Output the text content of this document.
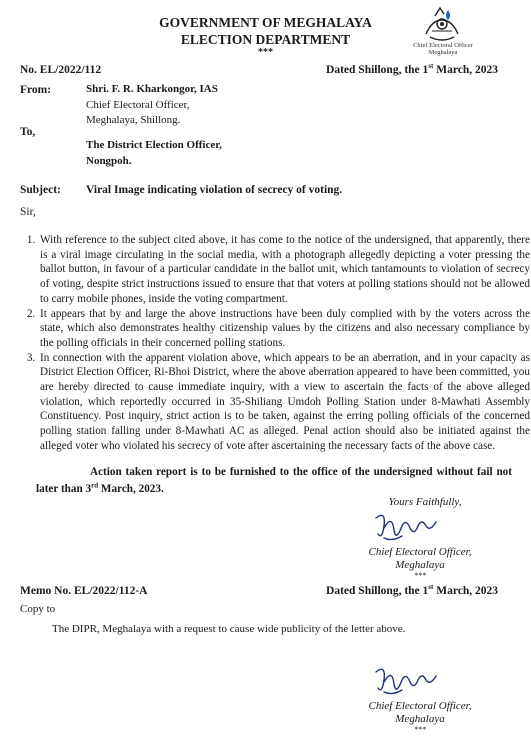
GOVERNMENT OF MEGHALAYA
ELECTION DEPARTMENT
***
Chief Electoral Officer
Meghalaya
No. EL/2022/112	Dated Shillong, the 1st March, 2023
From:	Shri. F. R. Kharkongor, IAS
Chief Electoral Officer,
Meghalaya, Shillong.
To,
The District Election Officer,
Nongpoh.
Subject: Viral Image indicating violation of secrecy of voting.
Sir,
1. With reference to the subject cited above, it has come to the notice of the undersigned, that apparently, there is a viral image circulating in the social media, with a photograph allegedly depicting a voter pressing the ballot button, in favour of a particular candidate in the ballot unit, which tantamounts to violation of secrecy of voting, despite strict instructions issued to ensure that that voters at polling stations should not be allowed to carry mobile phones, inside the voting compartment.
2. It appears that by and large the above instructions have been duly complied with by the voters across the state, which also demonstrates healthy citizenship values by the citizens and also necessary compliance by the polling officials in their concerned polling stations.
3. In connection with the apparent violation above, which appears to be an aberration, and in your capacity as District Election Officer, Ri-Bhoi District, where the above aberration appeared to have been committed, you are hereby directed to cause immediate inquiry, with a view to ascertain the facts of the above alleged violation, which reportedly occurred in 35-Shiliang Umdoh Polling Station under 8-Mawhati Assembly Constituency. Post inquiry, strict action is to be taken, against the erring polling officials of the concerned polling station falling under 8-Mawhati AC as alleged. Penal action should also be initiated against the alleged voter who violated his secrecy of vote after ascertaining the necessary facts of the above case.
Action taken report is to be furnished to the office of the undersigned without fail not later than 3rd March, 2023.
Yours Faithfully,
Chief Electoral Officer,
Meghalaya
***
Memo No. EL/2022/112-A	Dated Shillong, the 1st March, 2023
Copy to
The DIPR, Meghalaya with a request to cause wide publicity of the letter above.
Chief Electoral Officer,
Meghalaya
***
